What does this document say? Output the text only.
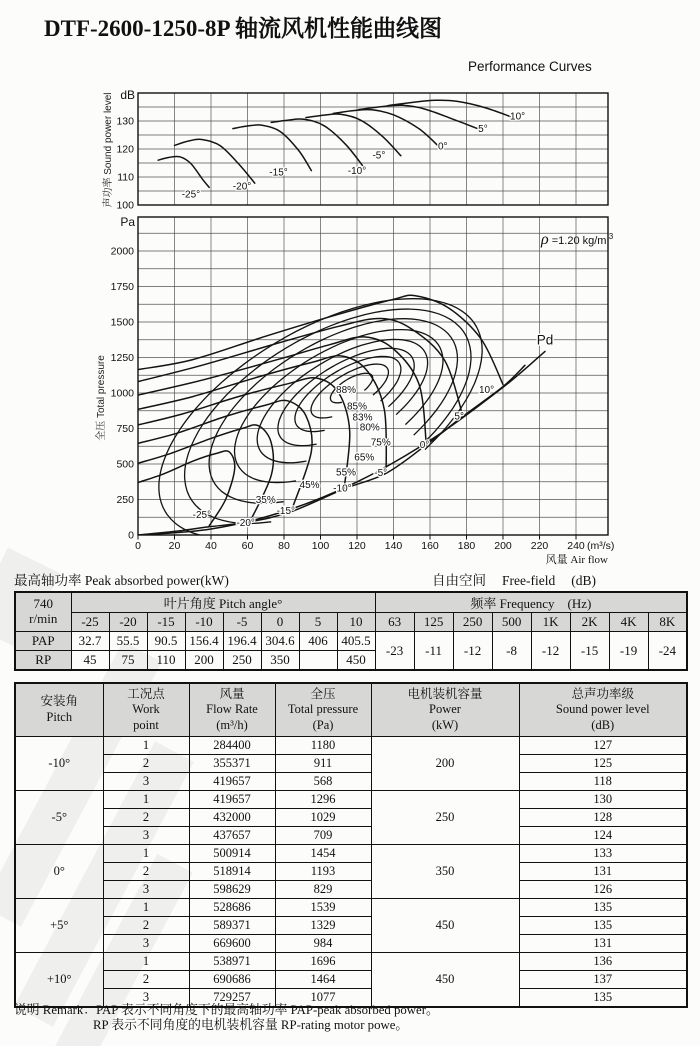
DTF-2600-1250-8P 轴流风机性能曲线图
Performance Curves
声功率 Sound power level 100
110
120
130
dB
-25°
-20°
-15°	-10°
-5°
0°
5°
10°
全压 Total pressure
0
250
500
750
1000
1250
1500
1750
2000
Pa
0	20 40 60 80 100 120 140 160 180 200 220 240 (m³/s)
风量 Air flow
ρ =1.20 kg/m $^3$
-25°
-20°
-15°
-10°
-5°
0°
5°
10°
88%
85%
83%
80%
75%
65%
55%
45%
35%
Pd
最高轴功率 Peak absorbed power(kW)	自由空间 Free-field (dB)
740
r/min	叶片角度 Pitch angle°								频率 Frequency    (Hz)							
	-25	-20	-15	-10	-5	0	5	10	63	125	250	500	1K	2K	4K	8K
PAP	32.7	55.5	90.5	156.4	196.4	304.6	406	405.5	-23	-11	-12	-8	-12	-15	-19	-24
RP	45	75	110	200	250	350		450								
安装角
Pitch	工况点
Work
point	风量
Flow Rate
(m³/h)	全压
Total pressure
(Pa)	电机装机容量
Power
(kW)	总声功率级
Sound power level
(dB)
-10°	1	284400	1180	200	127
	2	355371	911		125
	3	419657	568		118
-5°	1	419657	1296	250	130
	2	432000	1029		128
	3	437657	709		124
0°	1	500914	1454	350	133
	2	518914	1193		131
	3	598629	829		126
+5°	1	528686	1539	450	135
	2	589371	1329		135
	3	669600	984		131
+10°	1	538971	1696	450	136
	2	690686	1464		137
	3	729257	1077		135
说明 Remark：PAP 表示不同角度下的最高轴功率 PAP-peak absorbed power。
RP 表示不同角度的电机装机容量 RP-rating motor powe。
